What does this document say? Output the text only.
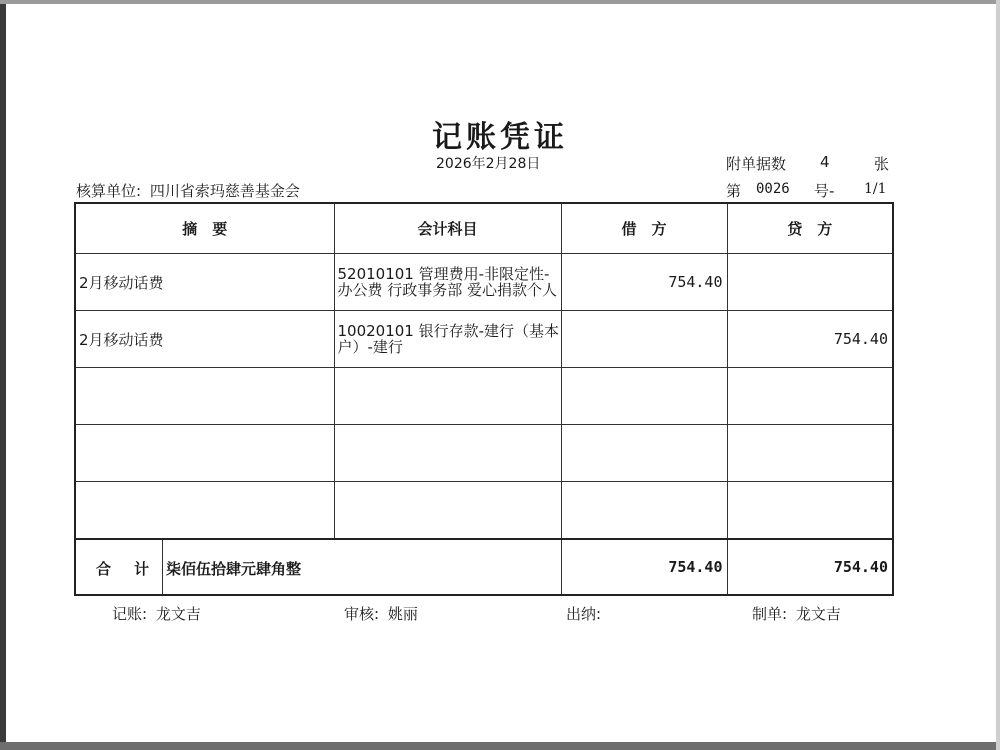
记账凭证
2026年2月28日	附单据数 4	张
核算单位: 四川省索玛慈善基金会	第 0026 号- 1/1
摘　要	会计科目	借　方	贷　方
2月移动话费	52010101 管理费用-非限定性-办公费 行政事务部 爱心捐款个人	754.40	
2月移动话费	10020101 银行存款-建行（基本户）-建行		754.40

合 计 柒佰伍拾肆元肆角整		754.40	754.40
记账: 龙文吉	审核: 姚丽	出纳:	制单: 龙文吉
